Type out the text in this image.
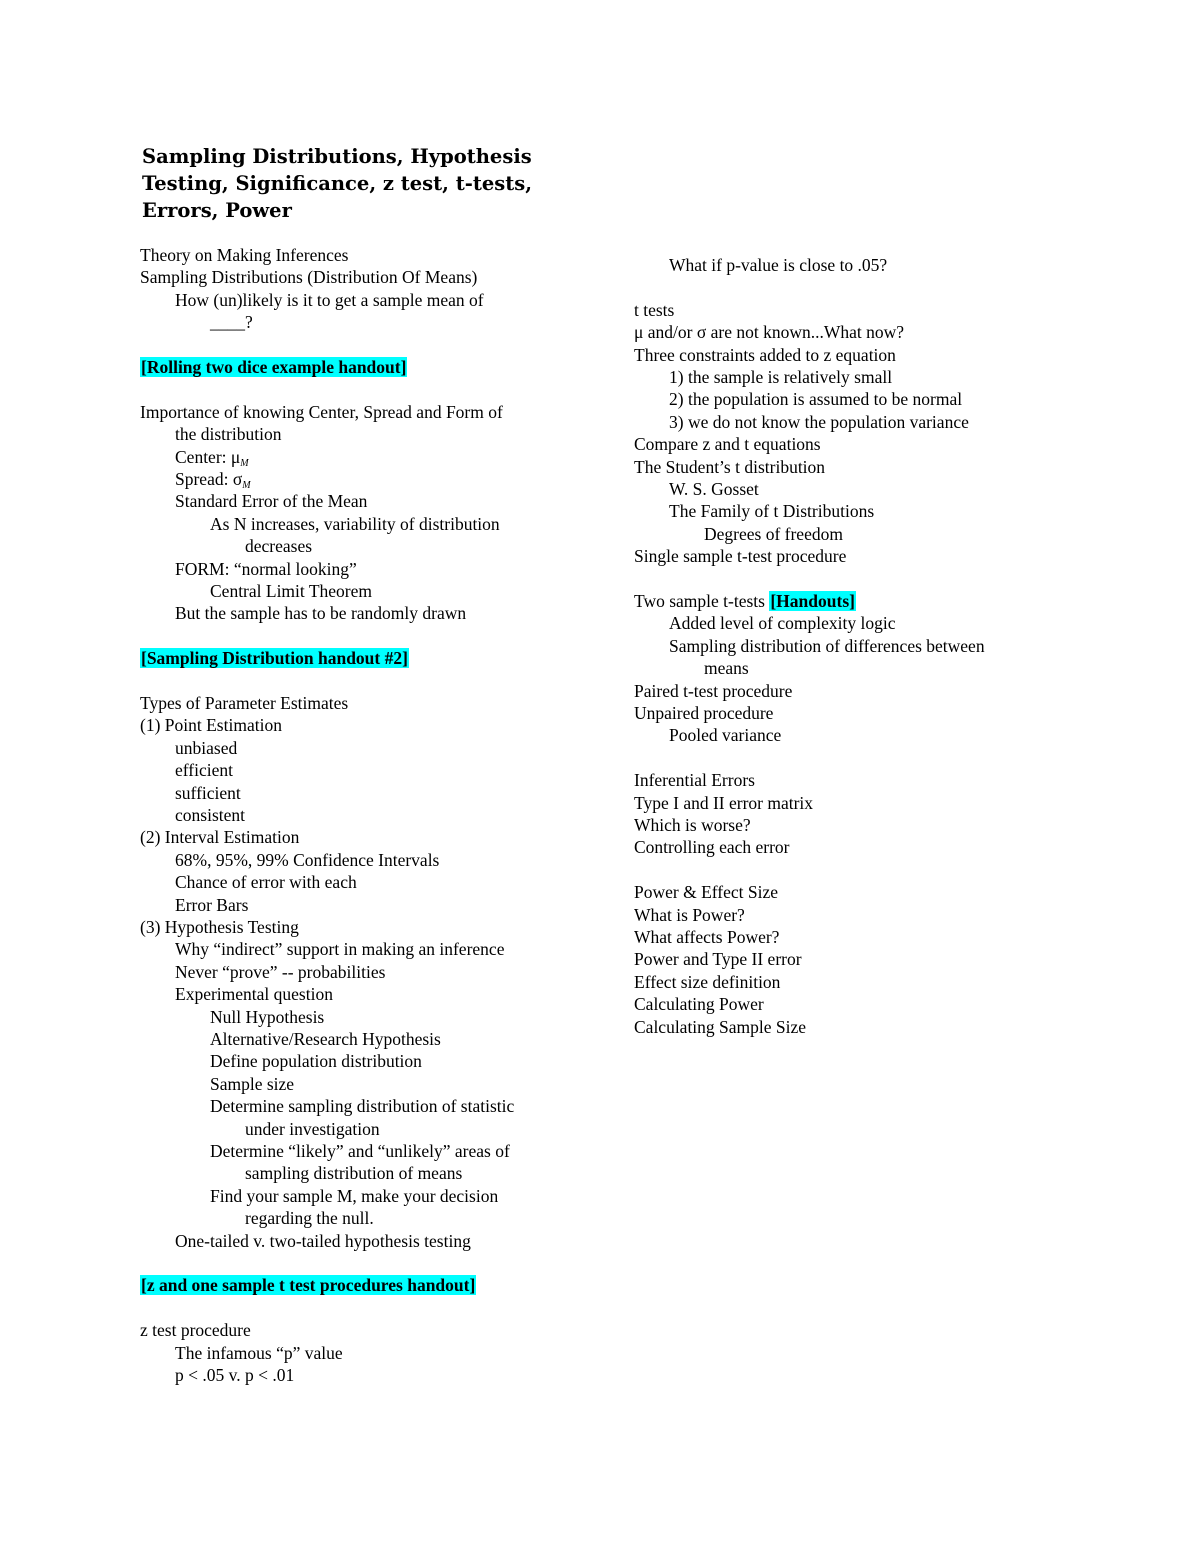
Sampling Distributions, Hypothesis
Testing, Significance, z test, t-tests,
Errors, Power
Theory on Making Inferences
Sampling Distributions (Distribution Of Means)
How (un)likely is it to get a sample mean of
____?
[Rolling two dice example handout]
Importance of knowing Center, Spread and Form of
the distribution
Center: $\mu_M$
Spread: $\sigma_M$
Standard Error of the Mean
As N increases, variability of distribution
decreases
FORM: “normal looking”
Central Limit Theorem
But the sample has to be randomly drawn
[Sampling Distribution handout #2]
Types of Parameter Estimates
(1) Point Estimation
unbiased
efficient
sufficient
consistent
(2) Interval Estimation
68%, 95%, 99% Confidence Intervals
Chance of error with each
Error Bars
(3) Hypothesis Testing
Why “indirect” support in making an inference
Never “prove” -- probabilities
Experimental question
Null Hypothesis
Alternative/Research Hypothesis
Define population distribution
Sample size
Determine sampling distribution of statistic
under investigation
Determine “likely” and “unlikely” areas of
sampling distribution of means
Find your sample M, make your decision
regarding the null.
One-tailed v. two-tailed hypothesis testing
[z and one sample t test procedures handout]
z test procedure
The infamous “p” value
p < .05 v. p < .01
What if p-value is close to .05?
t tests
μ and/or σ are not known...What now?
Three constraints added to z equation
1) the sample is relatively small
2) the population is assumed to be normal
3) we do not know the population variance
Compare z and t equations
The Student’s t distribution
W. S. Gosset
The Family of t Distributions
Degrees of freedom
Single sample t-test procedure
Two sample t-tests [Handouts]
Added level of complexity logic
Sampling distribution of differences between
means
Paired t-test procedure
Unpaired procedure
Pooled variance
Inferential Errors
Type I and II error matrix
Which is worse?
Controlling each error
Power & Effect Size
What is Power?
What affects Power?
Power and Type II error
Effect size definition
Calculating Power
Calculating Sample Size
